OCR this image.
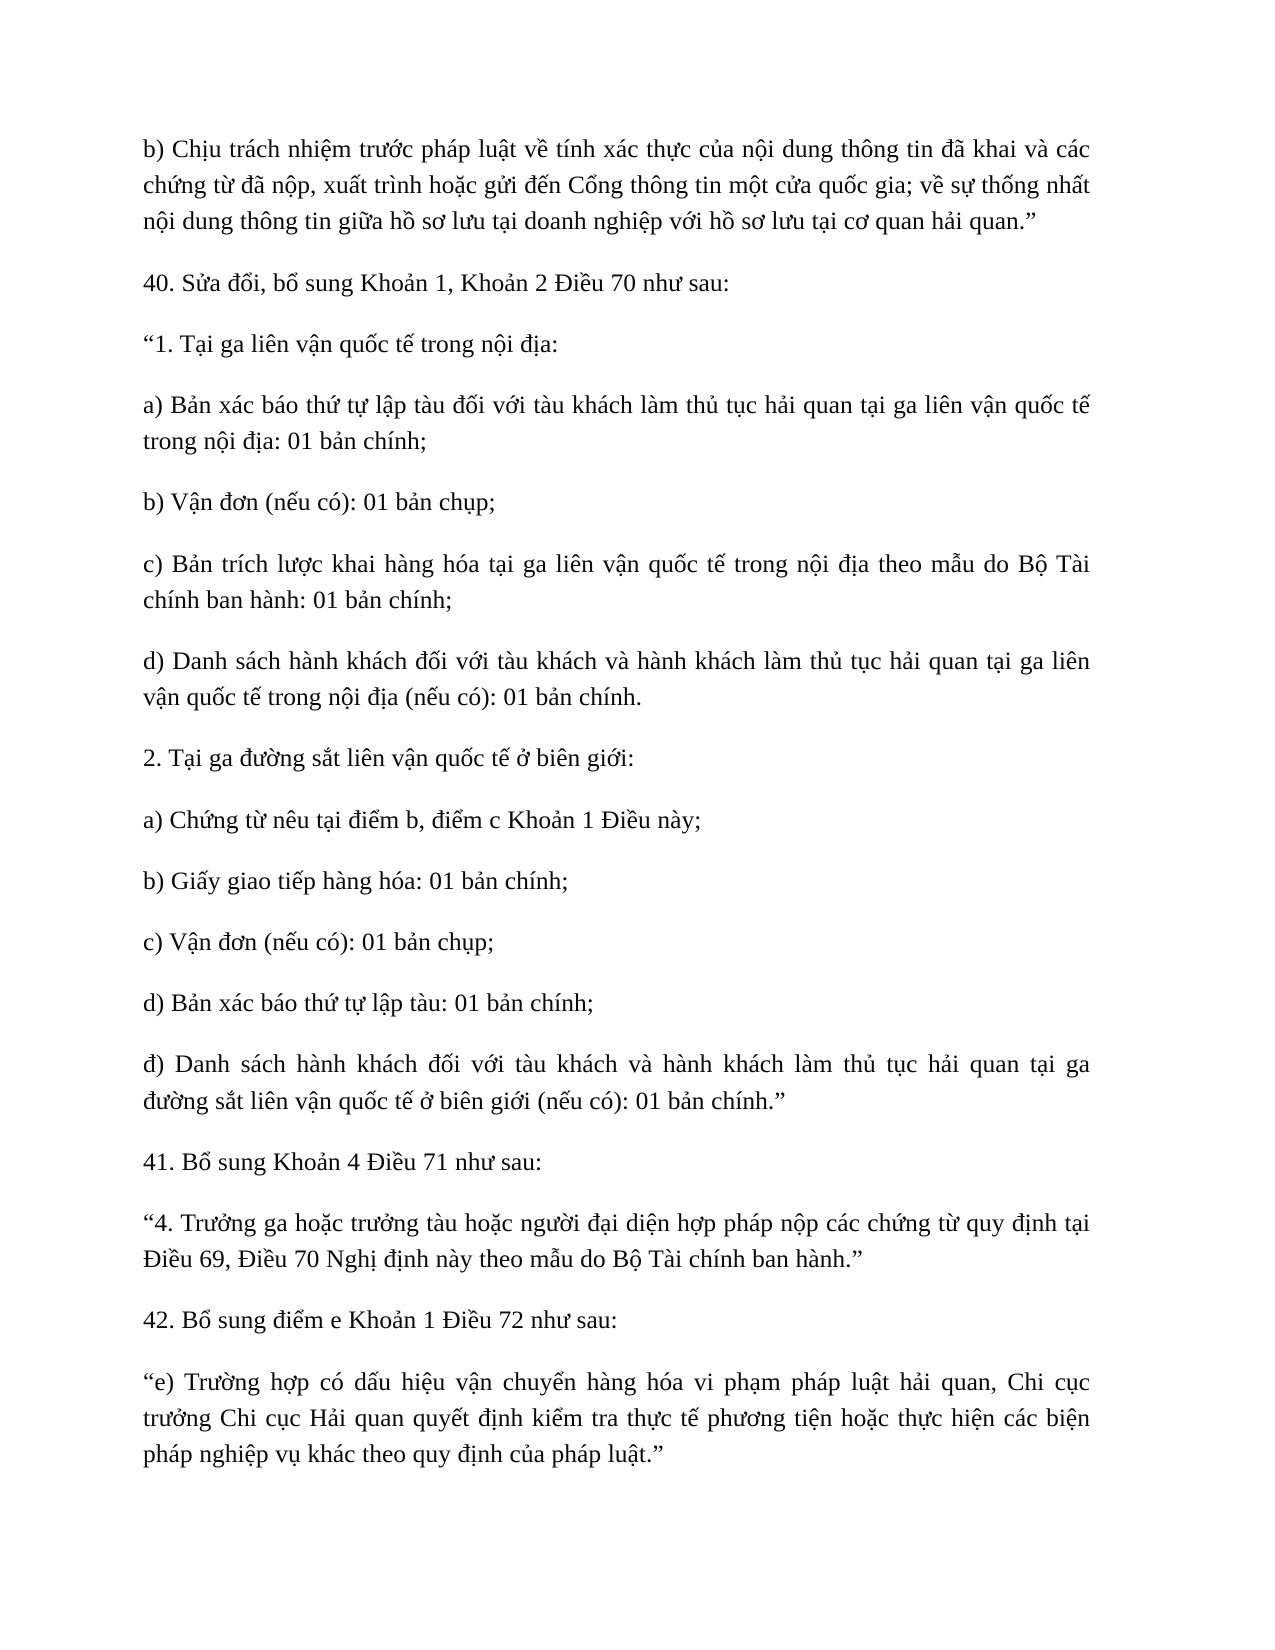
b) Chịu trách nhiệm trước pháp luật về tính xác thực của nội dung thông tin đã khai và các chứng từ đã nộp, xuất trình hoặc gửi đến Cổng thông tin một cửa quốc gia; về sự thống nhất nội dung thông tin giữa hồ sơ lưu tại doanh nghiệp với hồ sơ lưu tại cơ quan hải quan.”

40. Sửa đổi, bổ sung Khoản 1, Khoản 2 Điều 70 như sau:

“1. Tại ga liên vận quốc tế trong nội địa:

a) Bản xác báo thứ tự lập tàu đối với tàu khách làm thủ tục hải quan tại ga liên vận quốc tế trong nội địa: 01 bản chính;

b) Vận đơn (nếu có): 01 bản chụp;

c) Bản trích lược khai hàng hóa tại ga liên vận quốc tế trong nội địa theo mẫu do Bộ Tài chính ban hành: 01 bản chính;

d) Danh sách hành khách đối với tàu khách và hành khách làm thủ tục hải quan tại ga liên vận quốc tế trong nội địa (nếu có): 01 bản chính.

2. Tại ga đường sắt liên vận quốc tế ở biên giới:

a) Chứng từ nêu tại điểm b, điểm c Khoản 1 Điều này;

b) Giấy giao tiếp hàng hóa: 01 bản chính;

c) Vận đơn (nếu có): 01 bản chụp;

d) Bản xác báo thứ tự lập tàu: 01 bản chính;

đ) Danh sách hành khách đối với tàu khách và hành khách làm thủ tục hải quan tại ga đường sắt liên vận quốc tế ở biên giới (nếu có): 01 bản chính.”

41. Bổ sung Khoản 4 Điều 71 như sau:

“4. Trưởng ga hoặc trưởng tàu hoặc người đại diện hợp pháp nộp các chứng từ quy định tại Điều 69, Điều 70 Nghị định này theo mẫu do Bộ Tài chính ban hành.”

42. Bổ sung điểm e Khoản 1 Điều 72 như sau:

“e) Trường hợp có dấu hiệu vận chuyển hàng hóa vi phạm pháp luật hải quan, Chi cục trưởng Chi cục Hải quan quyết định kiểm tra thực tế phương tiện hoặc thực hiện các biện pháp nghiệp vụ khác theo quy định của pháp luật.”
